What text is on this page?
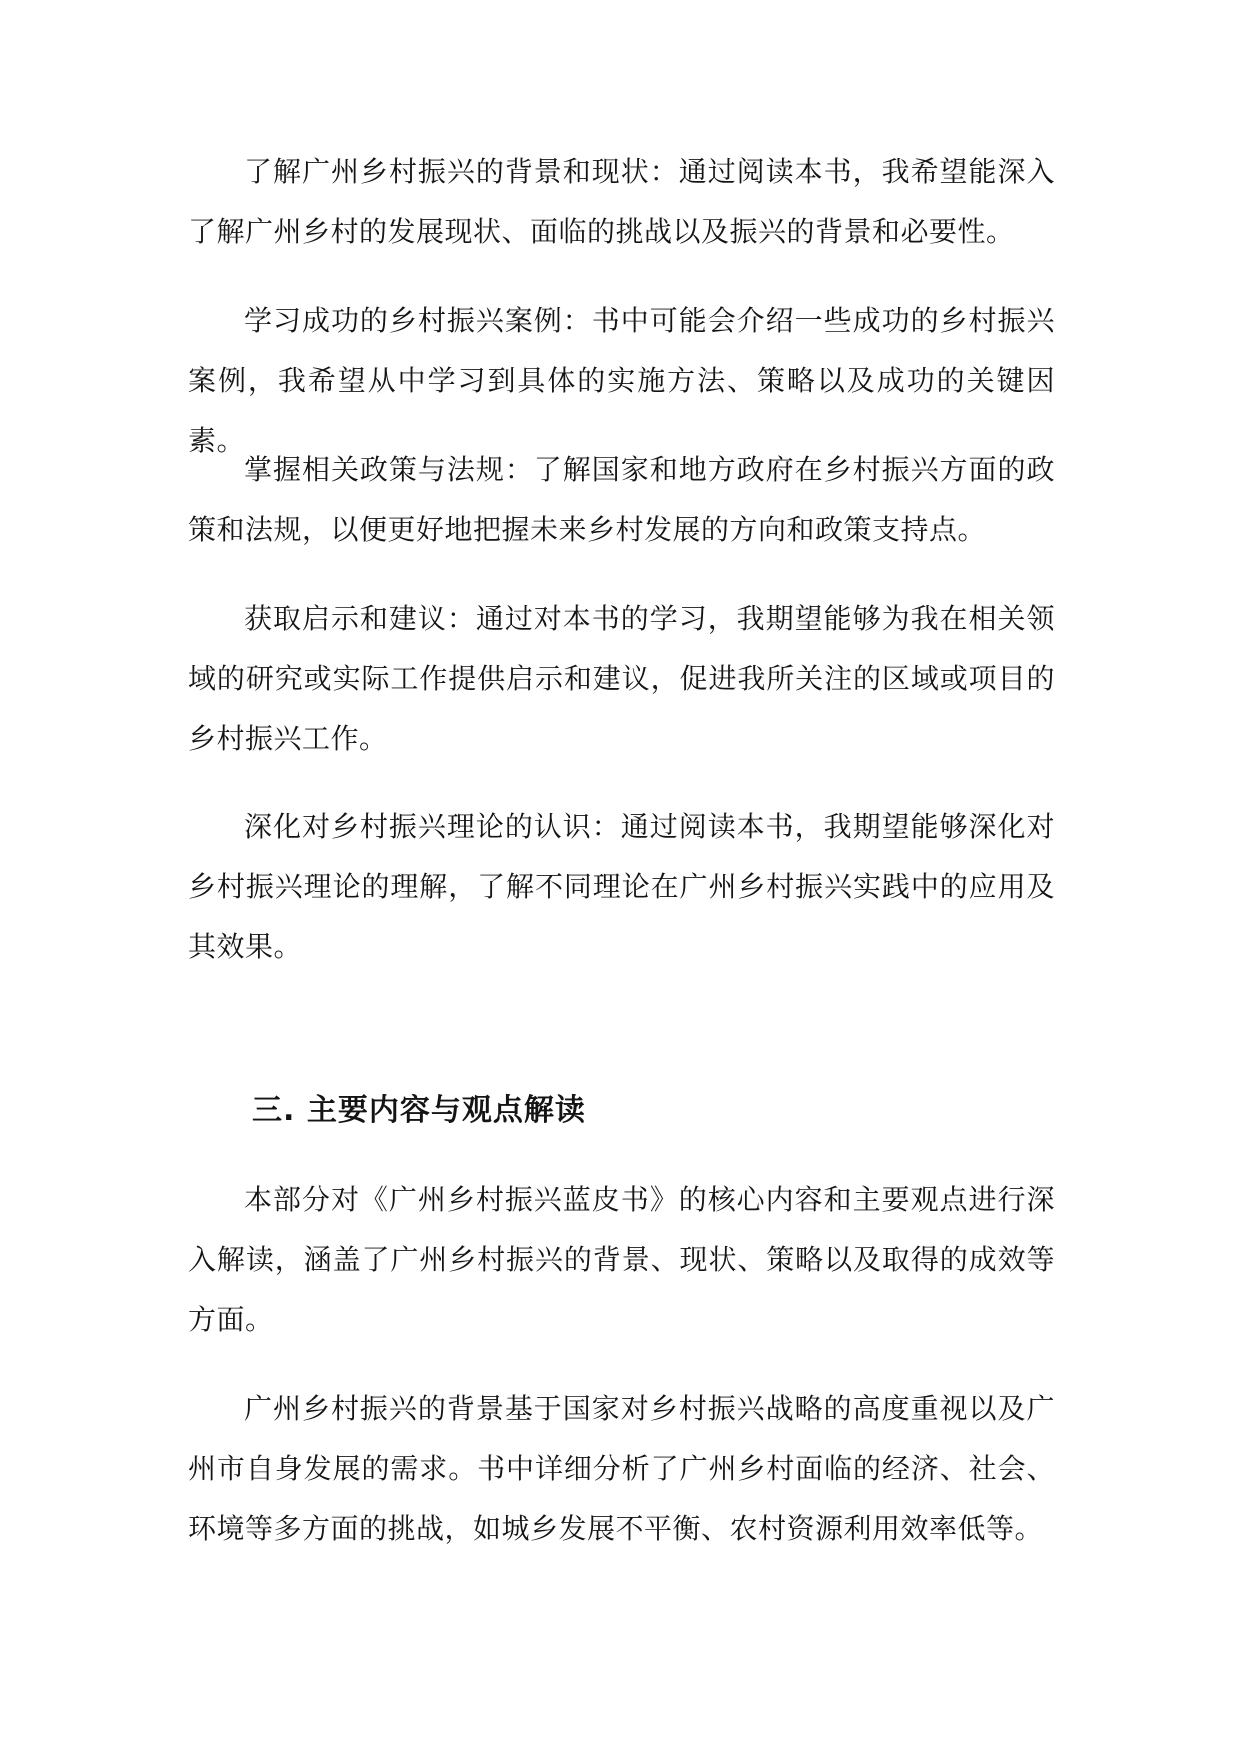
了解广州乡村振兴的背景和现状：通过阅读本书，我希望能深入了解广州乡村的发展现状、面临的挑战以及振兴的背景和必要性。

学习成功的乡村振兴案例：书中可能会介绍一些成功的乡村振兴案例，我希望从中学习到具体的实施方法、策略以及成功的关键因素。

掌握相关政策与法规：了解国家和地方政府在乡村振兴方面的政策和法规，以便更好地把握未来乡村发展的方向和政策支持点。

获取启示和建议：通过对本书的学习，我期望能够为我在相关领域的研究或实际工作提供启示和建议，促进我所关注的区域或项目的乡村振兴工作。

深化对乡村振兴理论的认识：通过阅读本书，我期望能够深化对乡村振兴理论的理解，了解不同理论在广州乡村振兴实践中的应用及其效果。

三. 主要内容与观点解读

本部分对《广州乡村振兴蓝皮书》的核心内容和主要观点进行深入解读，涵盖了广州乡村振兴的背景、现状、策略以及取得的成效等方面。

广州乡村振兴的背景基于国家对乡村振兴战略的高度重视以及广州市自身发展的需求。书中详细分析了广州乡村面临的经济、社会、环境等多方面的挑战，如城乡发展不平衡、农村资源利用效率低等。
